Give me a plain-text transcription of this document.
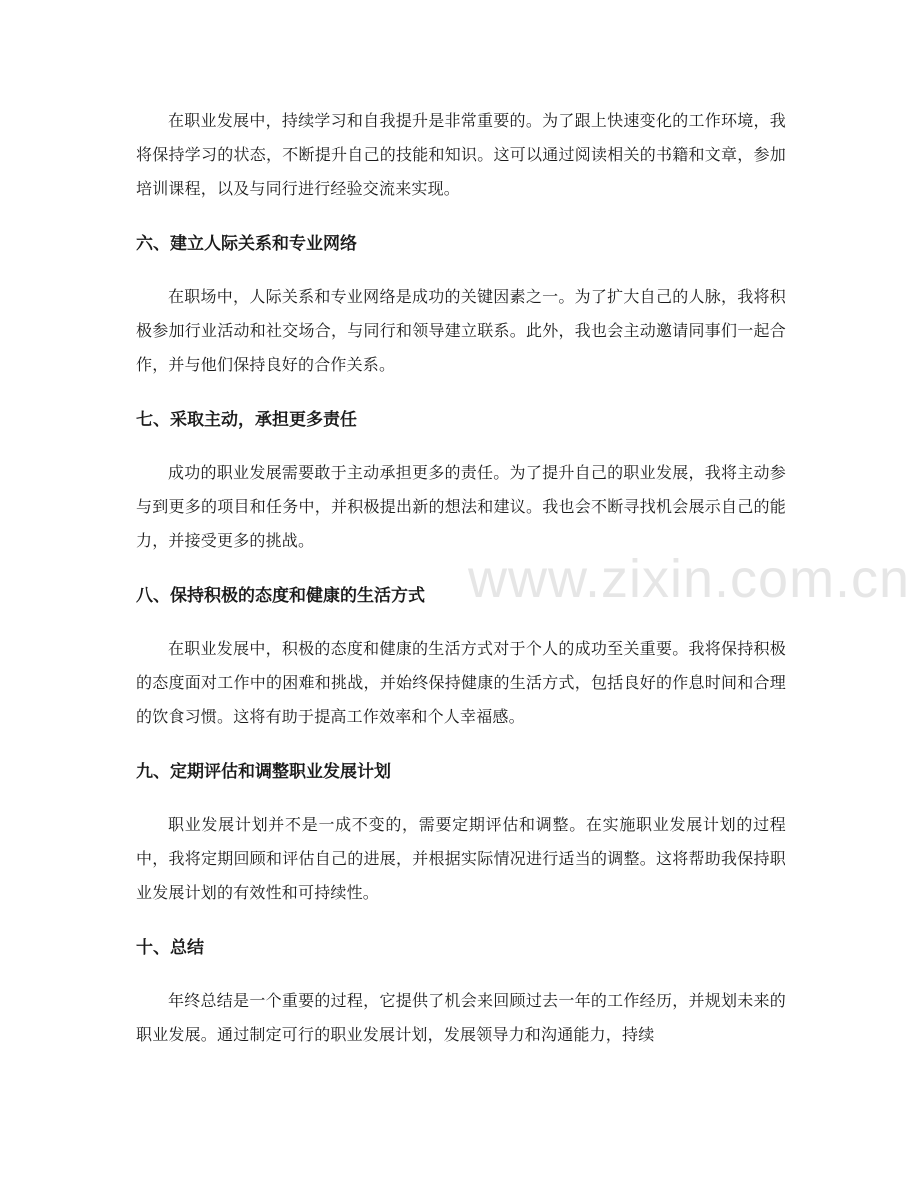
www.zixin.com.cn

在职业发展中，持续学习和自我提升是非常重要的。为了跟上快速变化的工作环境，我将保持学习的状态，不断提升自己的技能和知识。这可以通过阅读相关的书籍和文章，参加培训课程，以及与同行进行经验交流来实现。

六、建立人际关系和专业网络

在职场中，人际关系和专业网络是成功的关键因素之一。为了扩大自己的人脉，我将积极参加行业活动和社交场合，与同行和领导建立联系。此外，我也会主动邀请同事们一起合作，并与他们保持良好的合作关系。

七、采取主动，承担更多责任

成功的职业发展需要敢于主动承担更多的责任。为了提升自己的职业发展，我将主动参与到更多的项目和任务中，并积极提出新的想法和建议。我也会不断寻找机会展示自己的能力，并接受更多的挑战。

八、保持积极的态度和健康的生活方式

在职业发展中，积极的态度和健康的生活方式对于个人的成功至关重要。我将保持积极的态度面对工作中的困难和挑战，并始终保持健康的生活方式，包括良好的作息时间和合理的饮食习惯。这将有助于提高工作效率和个人幸福感。

九、定期评估和调整职业发展计划

职业发展计划并不是一成不变的，需要定期评估和调整。在实施职业发展计划的过程中，我将定期回顾和评估自己的进展，并根据实际情况进行适当的调整。这将帮助我保持职业发展计划的有效性和可持续性。

十、总结

年终总结是一个重要的过程，它提供了机会来回顾过去一年的工作经历，并规划未来的职业发展。通过制定可行的职业发展计划，发展领导力和沟通能力，持续
